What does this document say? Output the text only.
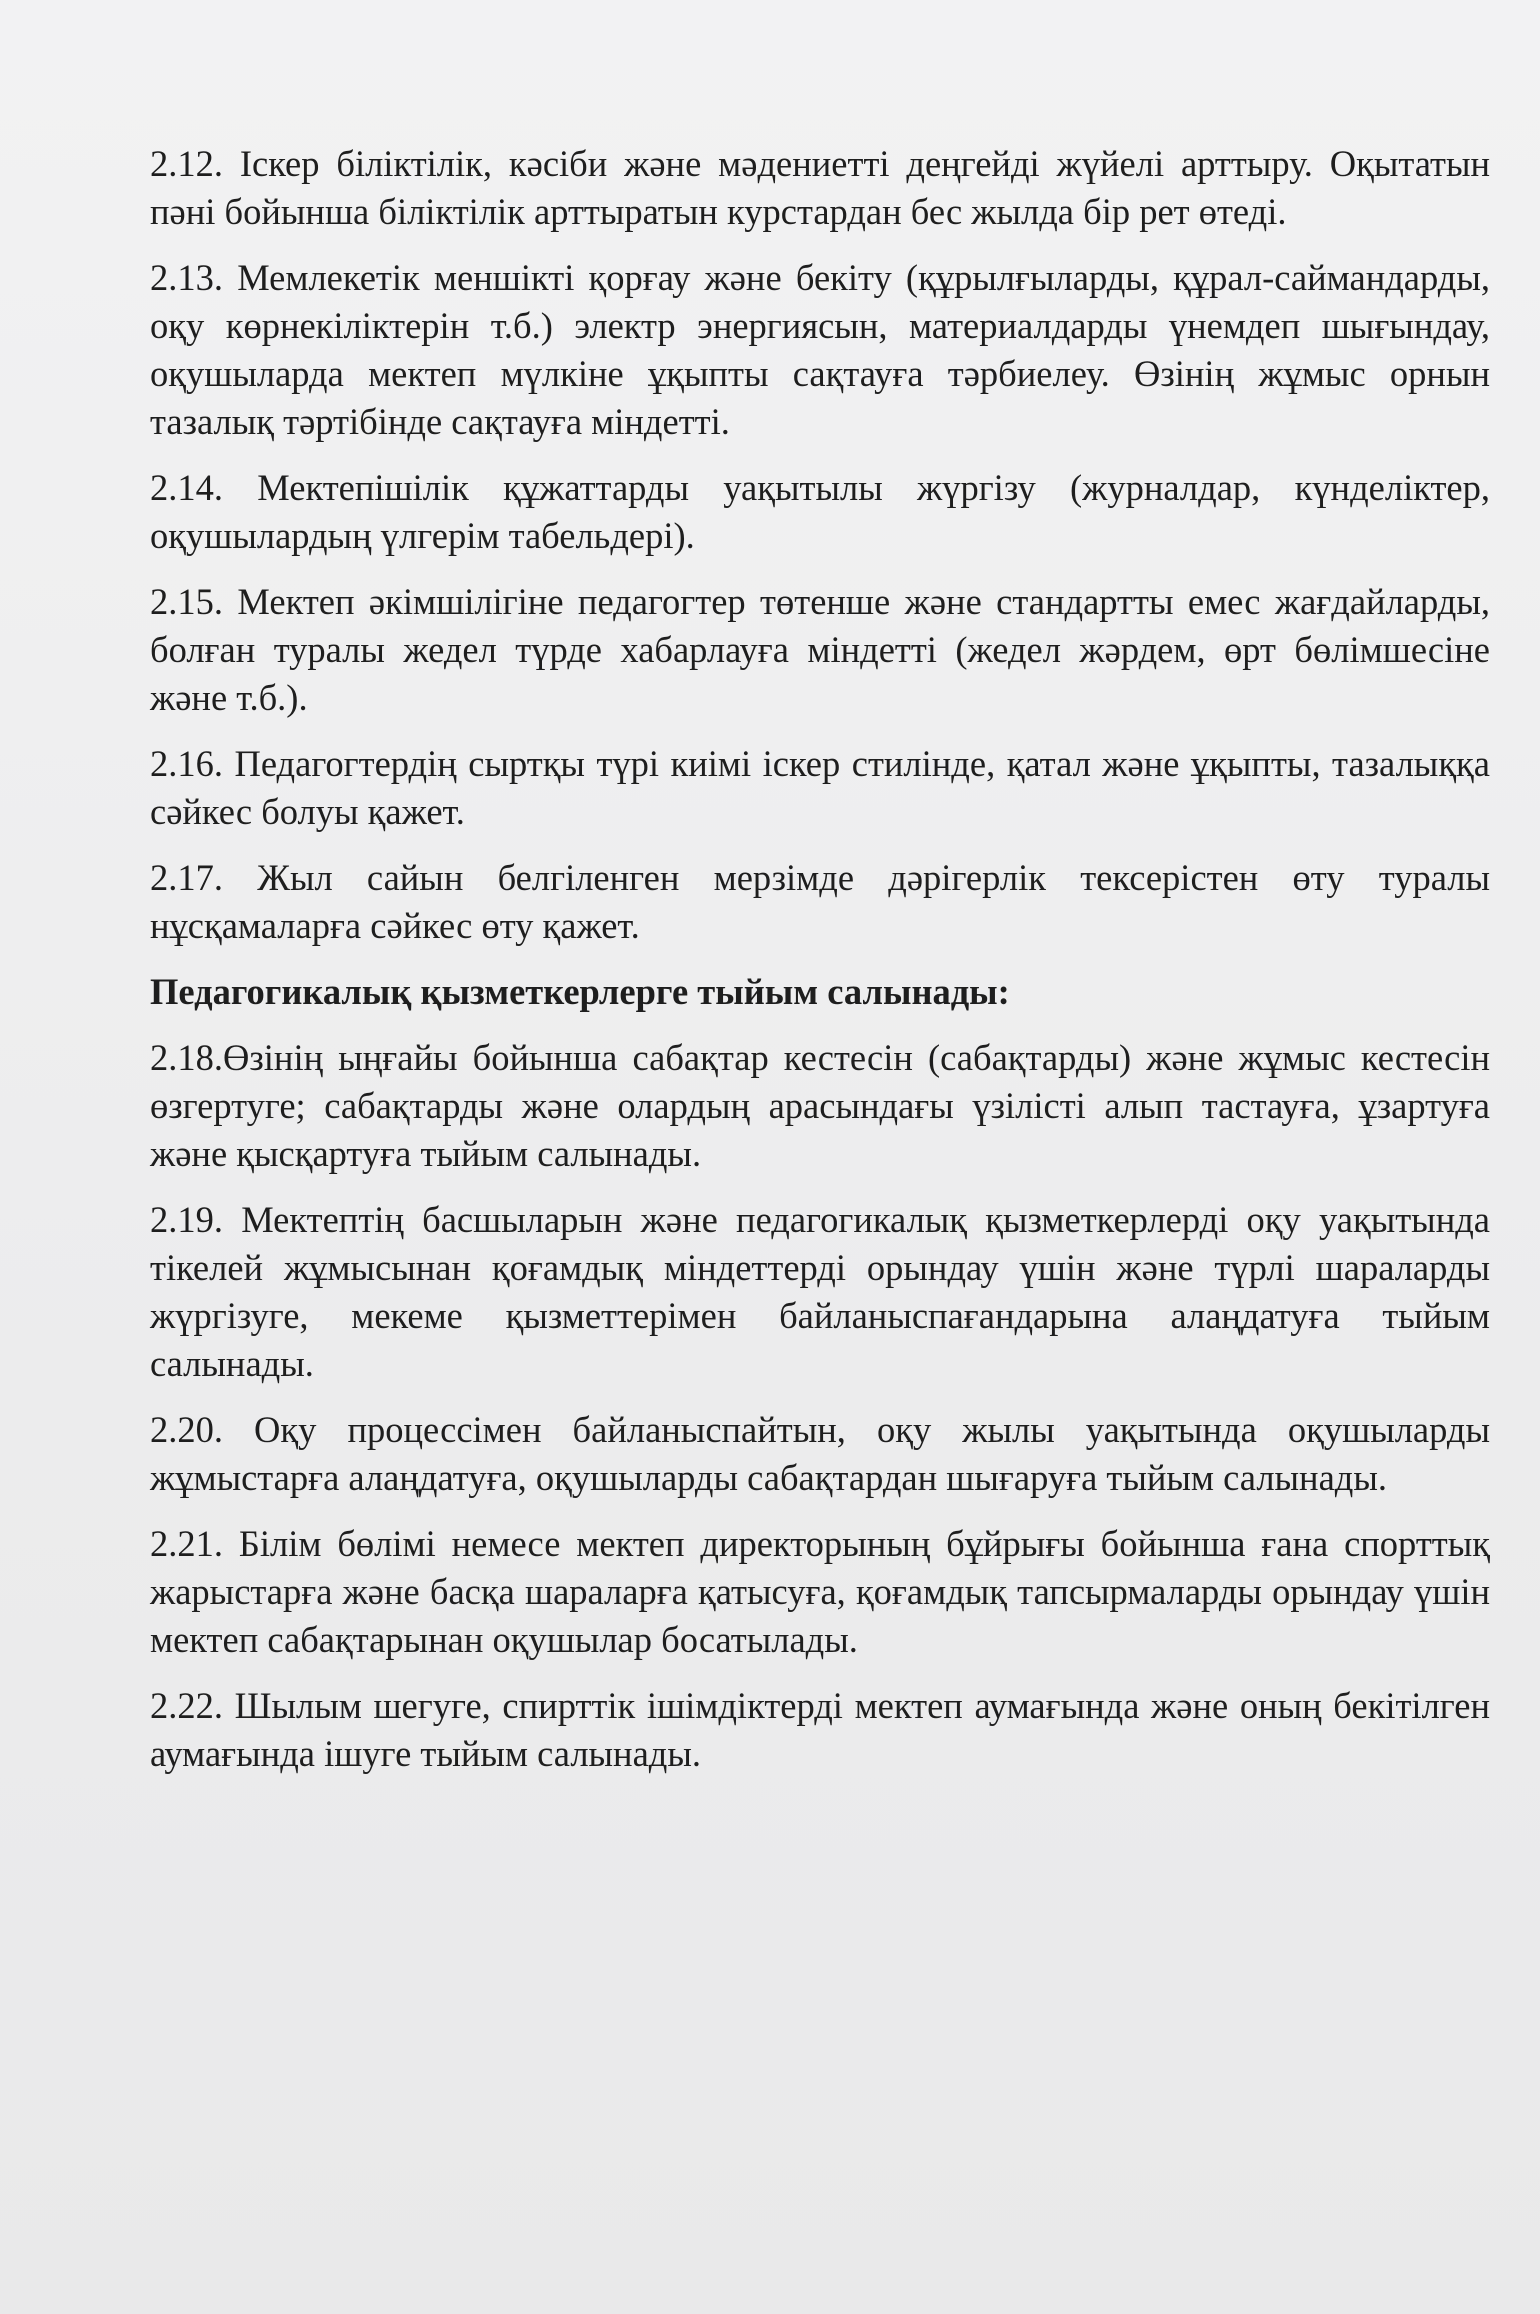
2.12. Іскер біліктілік, кәсіби және мәдениетті деңгейді жүйелі арттыру. Оқытатын пәні бойынша біліктілік арттыратын курстардан бес жылда бір рет өтеді.

2.13. Мемлекетік меншікті қорғау және бекіту (құрылғыларды, құрал-саймандарды, оқу көрнекіліктерін т.б.) электр энергиясын, материалдарды үнемдеп шығындау, оқушыларда мектеп мүлкіне ұқыпты сақтауға тәрбиелеу. Өзінің жұмыс орнын тазалық тәртібінде сақтауға міндетті.

2.14. Мектепішілік құжаттарды уақытылы жүргізу (журналдар, күнделіктер, оқушылардың үлгерім табельдері).

2.15. Мектеп әкімшілігіне педагогтер төтенше және стандартты емес жағдайларды, болған туралы жедел түрде хабарлауға міндетті (жедел жәрдем, өрт бөлімшесіне және т.б.).

2.16. Педагогтердің сыртқы түрі киімі іскер стилінде, қатал және ұқыпты, тазалыққа сәйкес болуы қажет.

2.17. Жыл сайын белгіленген мерзімде дәрігерлік тексерістен өту туралы нұсқамаларға сәйкес өту қажет.

Педагогикалық қызметкерлерге тыйым салынады:

2.18.Өзінің ыңғайы бойынша сабақтар кестесін (сабақтарды) және жұмыс кестесін өзгертуге; сабақтарды және олардың арасындағы үзілісті алып тастауға, ұзартуға және қысқартуға тыйым салынады.

2.19. Мектептің басшыларын және педагогикалық қызметкерлерді оқу уақытында тікелей жұмысынан қоғамдық міндеттерді орындау үшін және түрлі шараларды жүргізуге, мекеме қызметтерімен байланыспағандарына алаңдатуға тыйым салынады.

2.20. Оқу процессімен байланыспайтын, оқу жылы уақытында оқушыларды жұмыстарға алаңдатуға, оқушыларды сабақтардан шығаруға тыйым салынады.

2.21. Білім бөлімі немесе мектеп директорының бұйрығы бойынша ғана спорттық жарыстарға және басқа шараларға қатысуға, қоғамдық тапсырмаларды орындау үшін мектеп сабақтарынан оқушылар босатылады.

2.22. Шылым шегуге, спирттік ішімдіктерді мектеп аумағында және оның бекітілген аумағында ішуге тыйым салынады.
